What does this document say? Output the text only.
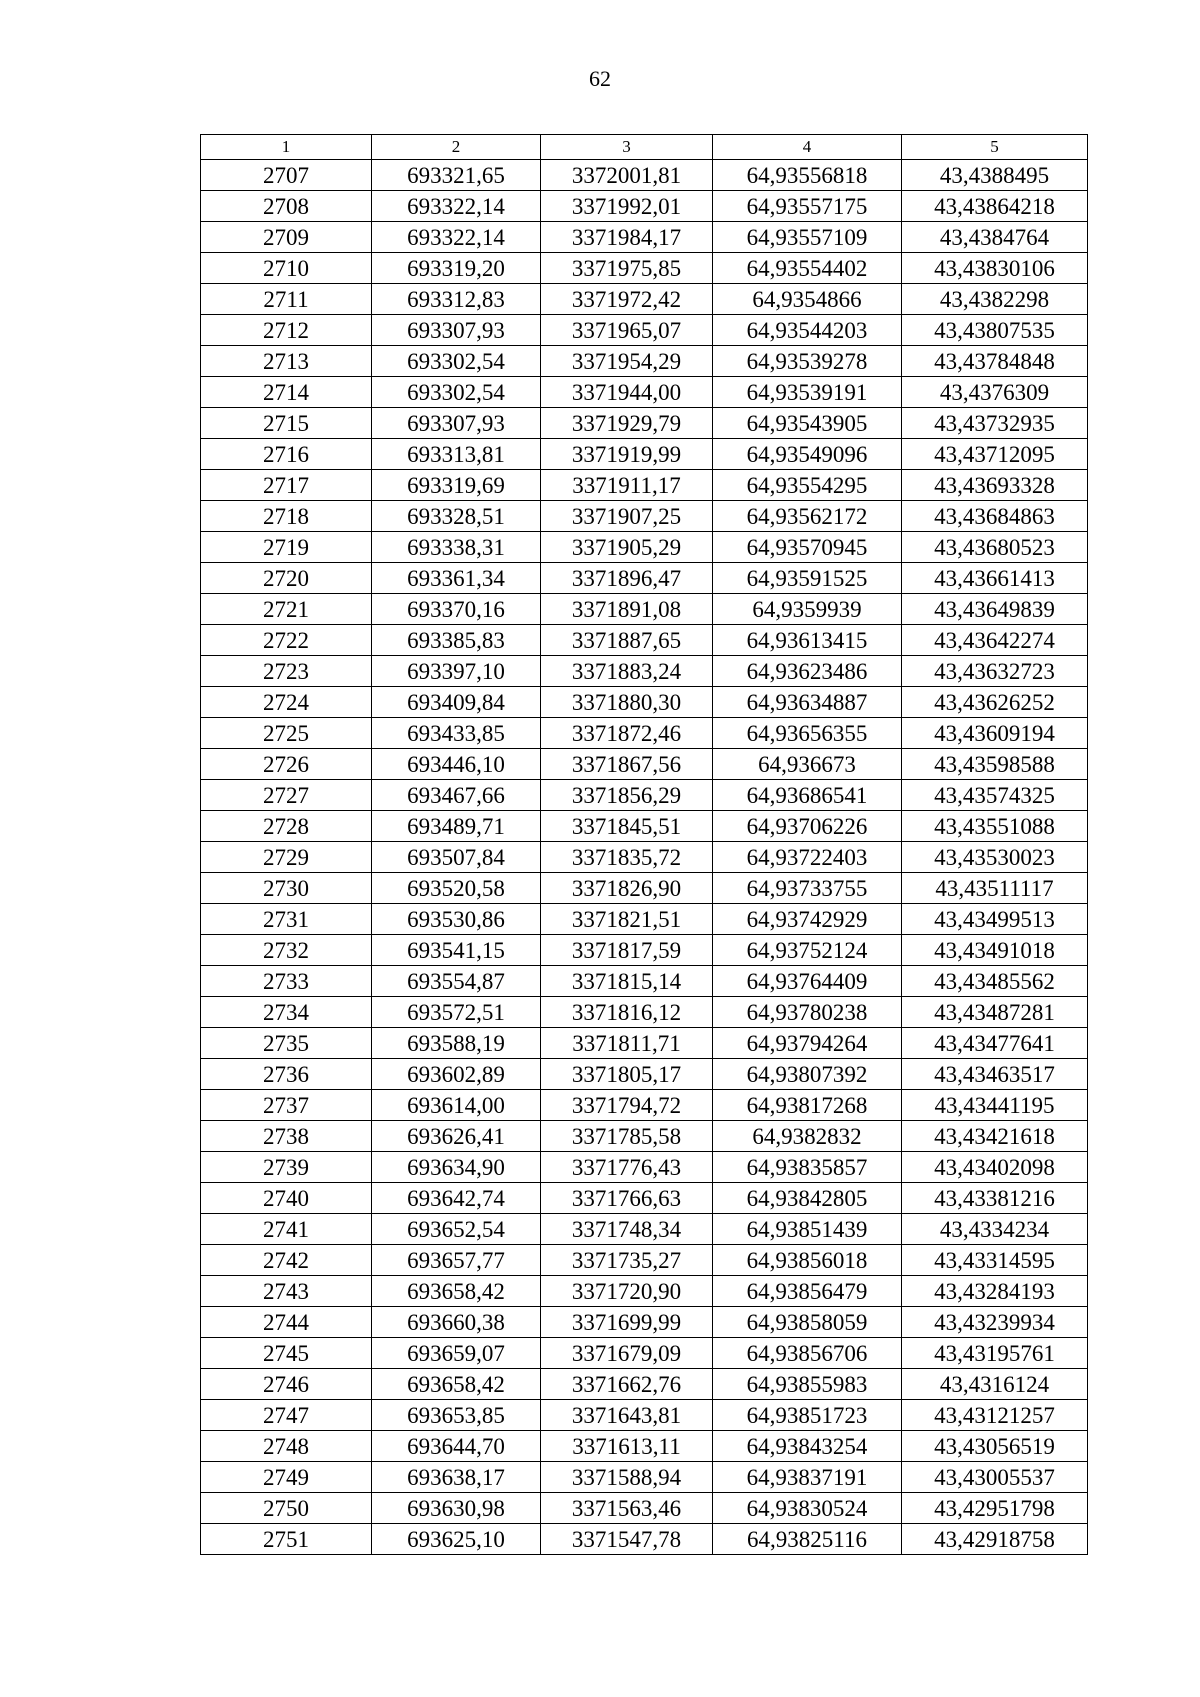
62
1	2	3	4	5
2707	693321,65	3372001,81	64,93556818	43,4388495
2708	693322,14	3371992,01	64,93557175	43,43864218
2709	693322,14	3371984,17	64,93557109	43,4384764
2710	693319,20	3371975,85	64,93554402	43,43830106
2711	693312,83	3371972,42	64,9354866	43,4382298
2712	693307,93	3371965,07	64,93544203	43,43807535
2713	693302,54	3371954,29	64,93539278	43,43784848
2714	693302,54	3371944,00	64,93539191	43,4376309
2715	693307,93	3371929,79	64,93543905	43,43732935
2716	693313,81	3371919,99	64,93549096	43,43712095
2717	693319,69	3371911,17	64,93554295	43,43693328
2718	693328,51	3371907,25	64,93562172	43,43684863
2719	693338,31	3371905,29	64,93570945	43,43680523
2720	693361,34	3371896,47	64,93591525	43,43661413
2721	693370,16	3371891,08	64,9359939	43,43649839
2722	693385,83	3371887,65	64,93613415	43,43642274
2723	693397,10	3371883,24	64,93623486	43,43632723
2724	693409,84	3371880,30	64,93634887	43,43626252
2725	693433,85	3371872,46	64,93656355	43,43609194
2726	693446,10	3371867,56	64,936673	43,43598588
2727	693467,66	3371856,29	64,93686541	43,43574325
2728	693489,71	3371845,51	64,93706226	43,43551088
2729	693507,84	3371835,72	64,93722403	43,43530023
2730	693520,58	3371826,90	64,93733755	43,43511117
2731	693530,86	3371821,51	64,93742929	43,43499513
2732	693541,15	3371817,59	64,93752124	43,43491018
2733	693554,87	3371815,14	64,93764409	43,43485562
2734	693572,51	3371816,12	64,93780238	43,43487281
2735	693588,19	3371811,71	64,93794264	43,43477641
2736	693602,89	3371805,17	64,93807392	43,43463517
2737	693614,00	3371794,72	64,93817268	43,43441195
2738	693626,41	3371785,58	64,9382832	43,43421618
2739	693634,90	3371776,43	64,93835857	43,43402098
2740	693642,74	3371766,63	64,93842805	43,43381216
2741	693652,54	3371748,34	64,93851439	43,4334234
2742	693657,77	3371735,27	64,93856018	43,43314595
2743	693658,42	3371720,90	64,93856479	43,43284193
2744	693660,38	3371699,99	64,93858059	43,43239934
2745	693659,07	3371679,09	64,93856706	43,43195761
2746	693658,42	3371662,76	64,93855983	43,4316124
2747	693653,85	3371643,81	64,93851723	43,43121257
2748	693644,70	3371613,11	64,93843254	43,43056519
2749	693638,17	3371588,94	64,93837191	43,43005537
2750	693630,98	3371563,46	64,93830524	43,42951798
2751	693625,10	3371547,78	64,93825116	43,42918758
